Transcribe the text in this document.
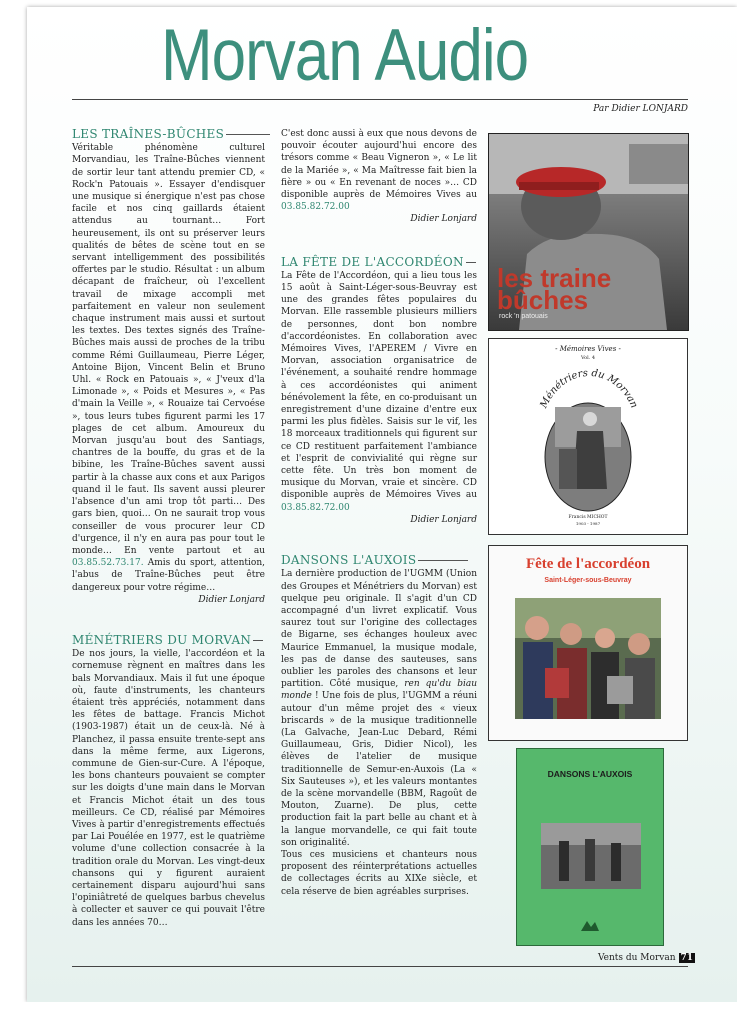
Morvan Audio
Par Didier LONJARD
LES TRAÎNES-BÛCHES

Véritable phénomène culturel Morvandiau, les Traîne-Bûches viennent de sortir leur tant attendu premier CD, « Rock'n Patouais ». Essayer d'endisquer une musique si énergique n'est pas chose facile et nos cinq gaillards étaient attendus au tournant… Fort heureusement, ils ont su préserver leurs qualités de bêtes de scène tout en se servant intelligemment des possibilités offertes par le studio. Résultat : un album décapant de fraîcheur, où l'excellent travail de mixage accompli met parfaitement en valeur non seulement chaque instrument mais aussi et surtout les textes. Des textes signés des Traîne- Bûches mais aussi de proches de la tribu comme Rémi Guillaumeau, Pierre Léger, Antoine Bijon, Vincent Belin et Bruno Uhl. « Rock en Patouais », « J'veux d'la Limonade », « Poids et Mesures », « Pas d'main la Veille », « Rouaize tai Cervoése », tous leurs tubes figurent parmi les 17 plages de cet album. Amoureux du Morvan jusqu'au bout des Santiags, chantres de la bouffe, du gras et de la bibine, les Traîne-Bûches savent aussi partir à la chasse aux cons et aux Parigos quand il le faut. Ils savent aussi pleurer l'absence d'un ami trop tôt parti… Des gars bien, quoi… On ne saurait trop vous conseiller de vous procurer leur CD d'urgence, il n'y en aura pas pour tout le monde… En vente partout et au 03.85.52.73.17. Amis du sport, attention, l'abus de Traîne-Bûches peut être dangereux pour votre régime…

Didier Lonjard

MÉNÉTRIERS DU MORVAN

De nos jours, la vielle, l'accordéon et la cornemuse règnent en maîtres dans les bals Morvandiaux. Mais il fut une époque où, faute d'instruments, les chanteurs étaient très appréciés, notamment dans les fêtes de battage. Francis Michot (1903-1987) était un de ceux-là. Né à Planchez, il passa ensuite trente-sept ans dans la même ferme, aux Ligerons, commune de Gien-sur-Cure. A l'époque, les bons chanteurs pouvaient se compter sur les doigts d'une main dans le Morvan et Francis Michot était un des tous meilleurs. Ce CD, réalisé par Mémoires Vives à partir d'enregistrements effectués par Lai Pouélée en 1977, est le quatrième volume d'une collection consacrée à la tradition orale du Morvan. Les vingt-deux chansons qui y figurent auraient certainement disparu aujourd'hui sans l'opiniâtreté de quelques barbus chevelus à collecter et sauver ce qui pouvait l'être dans les années 70…

C'est donc aussi à eux que nous devons de pouvoir écouter aujourd'hui encore des trésors comme « Beau Vigneron », « Le lit de la Mariée », « Ma Maîtresse fait bien la fière » ou « En revenant de noces »… CD disponible auprès de Mémoires Vives au 03.85.82.72.00

Didier Lonjard

LA FÊTE DE L'ACCORDÉON

La Fête de l'Accordéon, qui a lieu tous les 15 août à Saint-Léger-sous-Beuvray est une des grandes fêtes populaires du Morvan. Elle rassemble plusieurs milliers de personnes, dont bon nombre d'accordéonistes. En collaboration avec Mémoires Vives, l'APEREM / Vivre en Morvan, association organisatrice de l'événement, a souhaité rendre hommage à ces accordéonistes qui animent bénévolement la fête, en co-produisant un enregistrement d'une dizaine d'entre eux parmi les plus fidèles. Saisis sur le vif, les 18 morceaux traditionnels qui figurent sur ce CD restituent parfaitement l'ambiance et l'esprit de convivialité qui règne sur cette fête. Un très bon moment de musique du Morvan, vraie et sincère. CD disponible auprès de Mémoires Vives au 03.85.82.72.00

Didier Lonjard

DANSONS L'AUXOIS

La dernière production de l'UGMM (Union des Groupes et Ménétriers du Morvan) est quelque peu originale. Il s'agit d'un CD accompagné d'un livret explicatif. Vous saurez tout sur l'origine des collectages de Bigarne, ses échanges houleux avec Maurice Emmanuel, la musique modale, les pas de danse des sauteuses, sans oublier les paroles des chansons et leur partition. Côté musique, ren qu'du biau monde ! Une fois de plus, l'UGMM a réuni autour d'un même projet des « vieux briscards » de la musique traditionnelle (La Galvache, Jean-Luc Debard, Rémi Guillaumeau, Gris, Didier Nicol), les élèves de l'atelier de musique traditionnelle de Semur-en-Auxois (La « Six Sauteuses »), et les valeurs montantes de la scène morvandelle (BBM, Ragoût de Mouton, Zuarne). De plus, cette production fait la part belle au chant et à la langue morvandelle, ce qui fait toute son originalité.

Tous ces musiciens et chanteurs nous proposent des réinterprétations actuelles de collectages écrits au XIXe siècle, et cela réserve de bien agréables surprises.

les traine
bûches
rock 'n patouais
- Mémoires Vives -
Vol. 4
Ménétriers du Morvan
Francis MICHOT
1903 - 1987
Fête de l'accordéon
Saint-Léger-sous-Beuvray
DANSONS L'AUXOIS
Vents du Morvan 71
